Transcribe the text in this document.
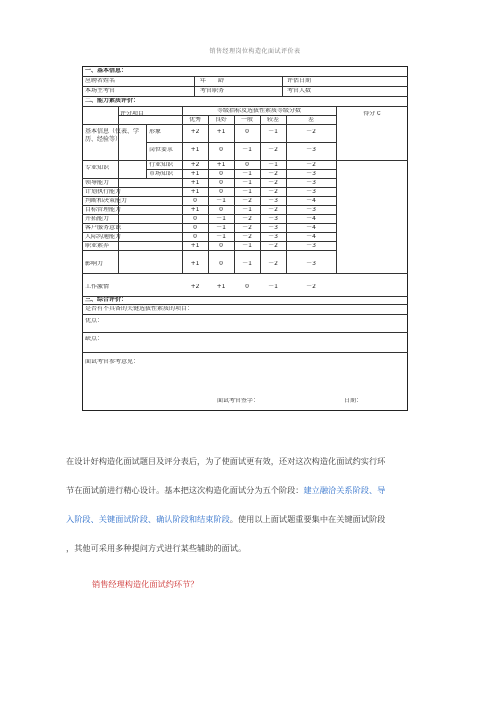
销售经理岗位构造化面试评价表
一、基本信息：
应聘者姓名	年　　龄	评估日期
本场主考官	考官职务	考官人数
二、能力素质评价：
评分项目	等级指标及选拔性素质等级分数	得分 ∁
优秀	良好	一般	较差	差
基本信息（仪表、学历、经验等）
专业知识
形象	+2	+1	0	－1	－2
岗位要求	+1	0	－1	－2	－3
行业知识	+2	+1	0	－1	－2
市场知识	+1	0	－1	－2	－3
领导能力	+1	0	－1	－2	－3
计划执行能力	+1	0	－1	－2	－3
判断和决策能力	0	－1	－2	－3	－4
目标管理能力	+1	0	－1	－2	－3
开拓能力	0	－1	－2	－3	－4
客户服务意识	0	－1	－2	－3	－4
人际沟通能力	0	－1	－2	－3	－4
职业素养	+1	0	－1	－2	－3
影响力	+1	0	－1	－2	－3
工作激情	+2	+1	0	－1	－2
三、综合评价：
是否有不具备的关键选拔性素质的项目：
优点：
缺点：
面试考官参考意见：
面试考官签字：	日期：
在设计好构造化面试题目及评分表后，为了使面试更有效，还对这次构造化面试约实行环
节在面试前进行精心设计。基本把这次构造化面试分为五个阶段：建立融洽关系阶段、导
入阶段、关键面试阶段、确认阶段和结束阶段。使用以上面试题重要集中在关键面试阶段
，其他可采用多种提问方式进行某些辅助的面试。
销售经理构造化面试约环节？
